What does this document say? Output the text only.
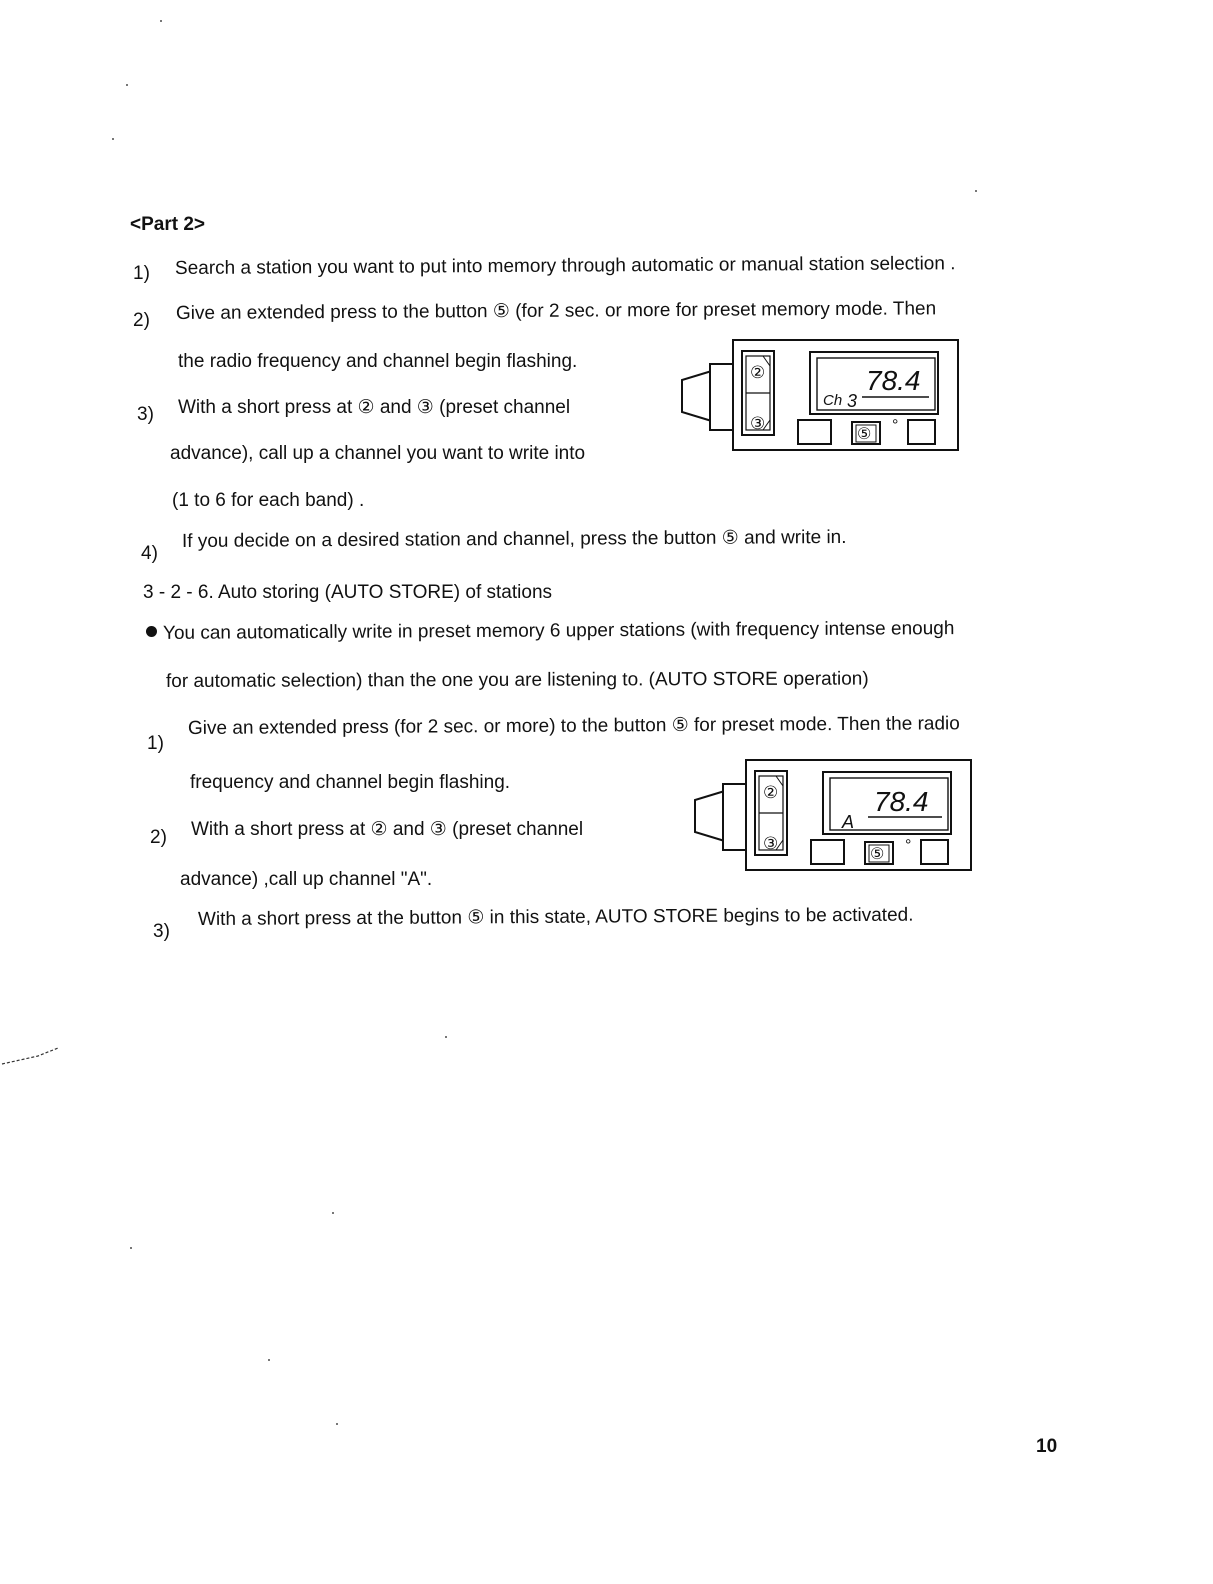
<Part 2>
1) Search a station you want to put into memory through automatic or manual station selection .
2) Give an extended press to the button ⑤ (for 2 sec. or more for preset memory mode. Then
the radio frequency and channel begin flashing.
3) With a short press at ② and ③ (preset channel
advance), call up a channel you want to write into
(1 to 6 for each band) .
4)
If you decide on a desired station and channel, press the button ⑤ and write in.
3 - 2 - 6. Auto storing (AUTO STORE) of stations
You can automatically write in preset memory 6 upper stations (with frequency intense enough
for automatic selection) than the one you are listening to. (AUTO STORE operation)
1)
Give an extended press (for 2 sec. or more) to the button ⑤ for preset mode. Then the radio
frequency and channel begin flashing.
2) With a short press at ② and ③ (preset channel
advance) ,call up channel "A".
3)
With a short press at the button ⑤ in this state, AUTO STORE begins to be activated.
②
③
Ch 3
78.4
⑤
°
②
③
A
78.4
⑤
°
10
